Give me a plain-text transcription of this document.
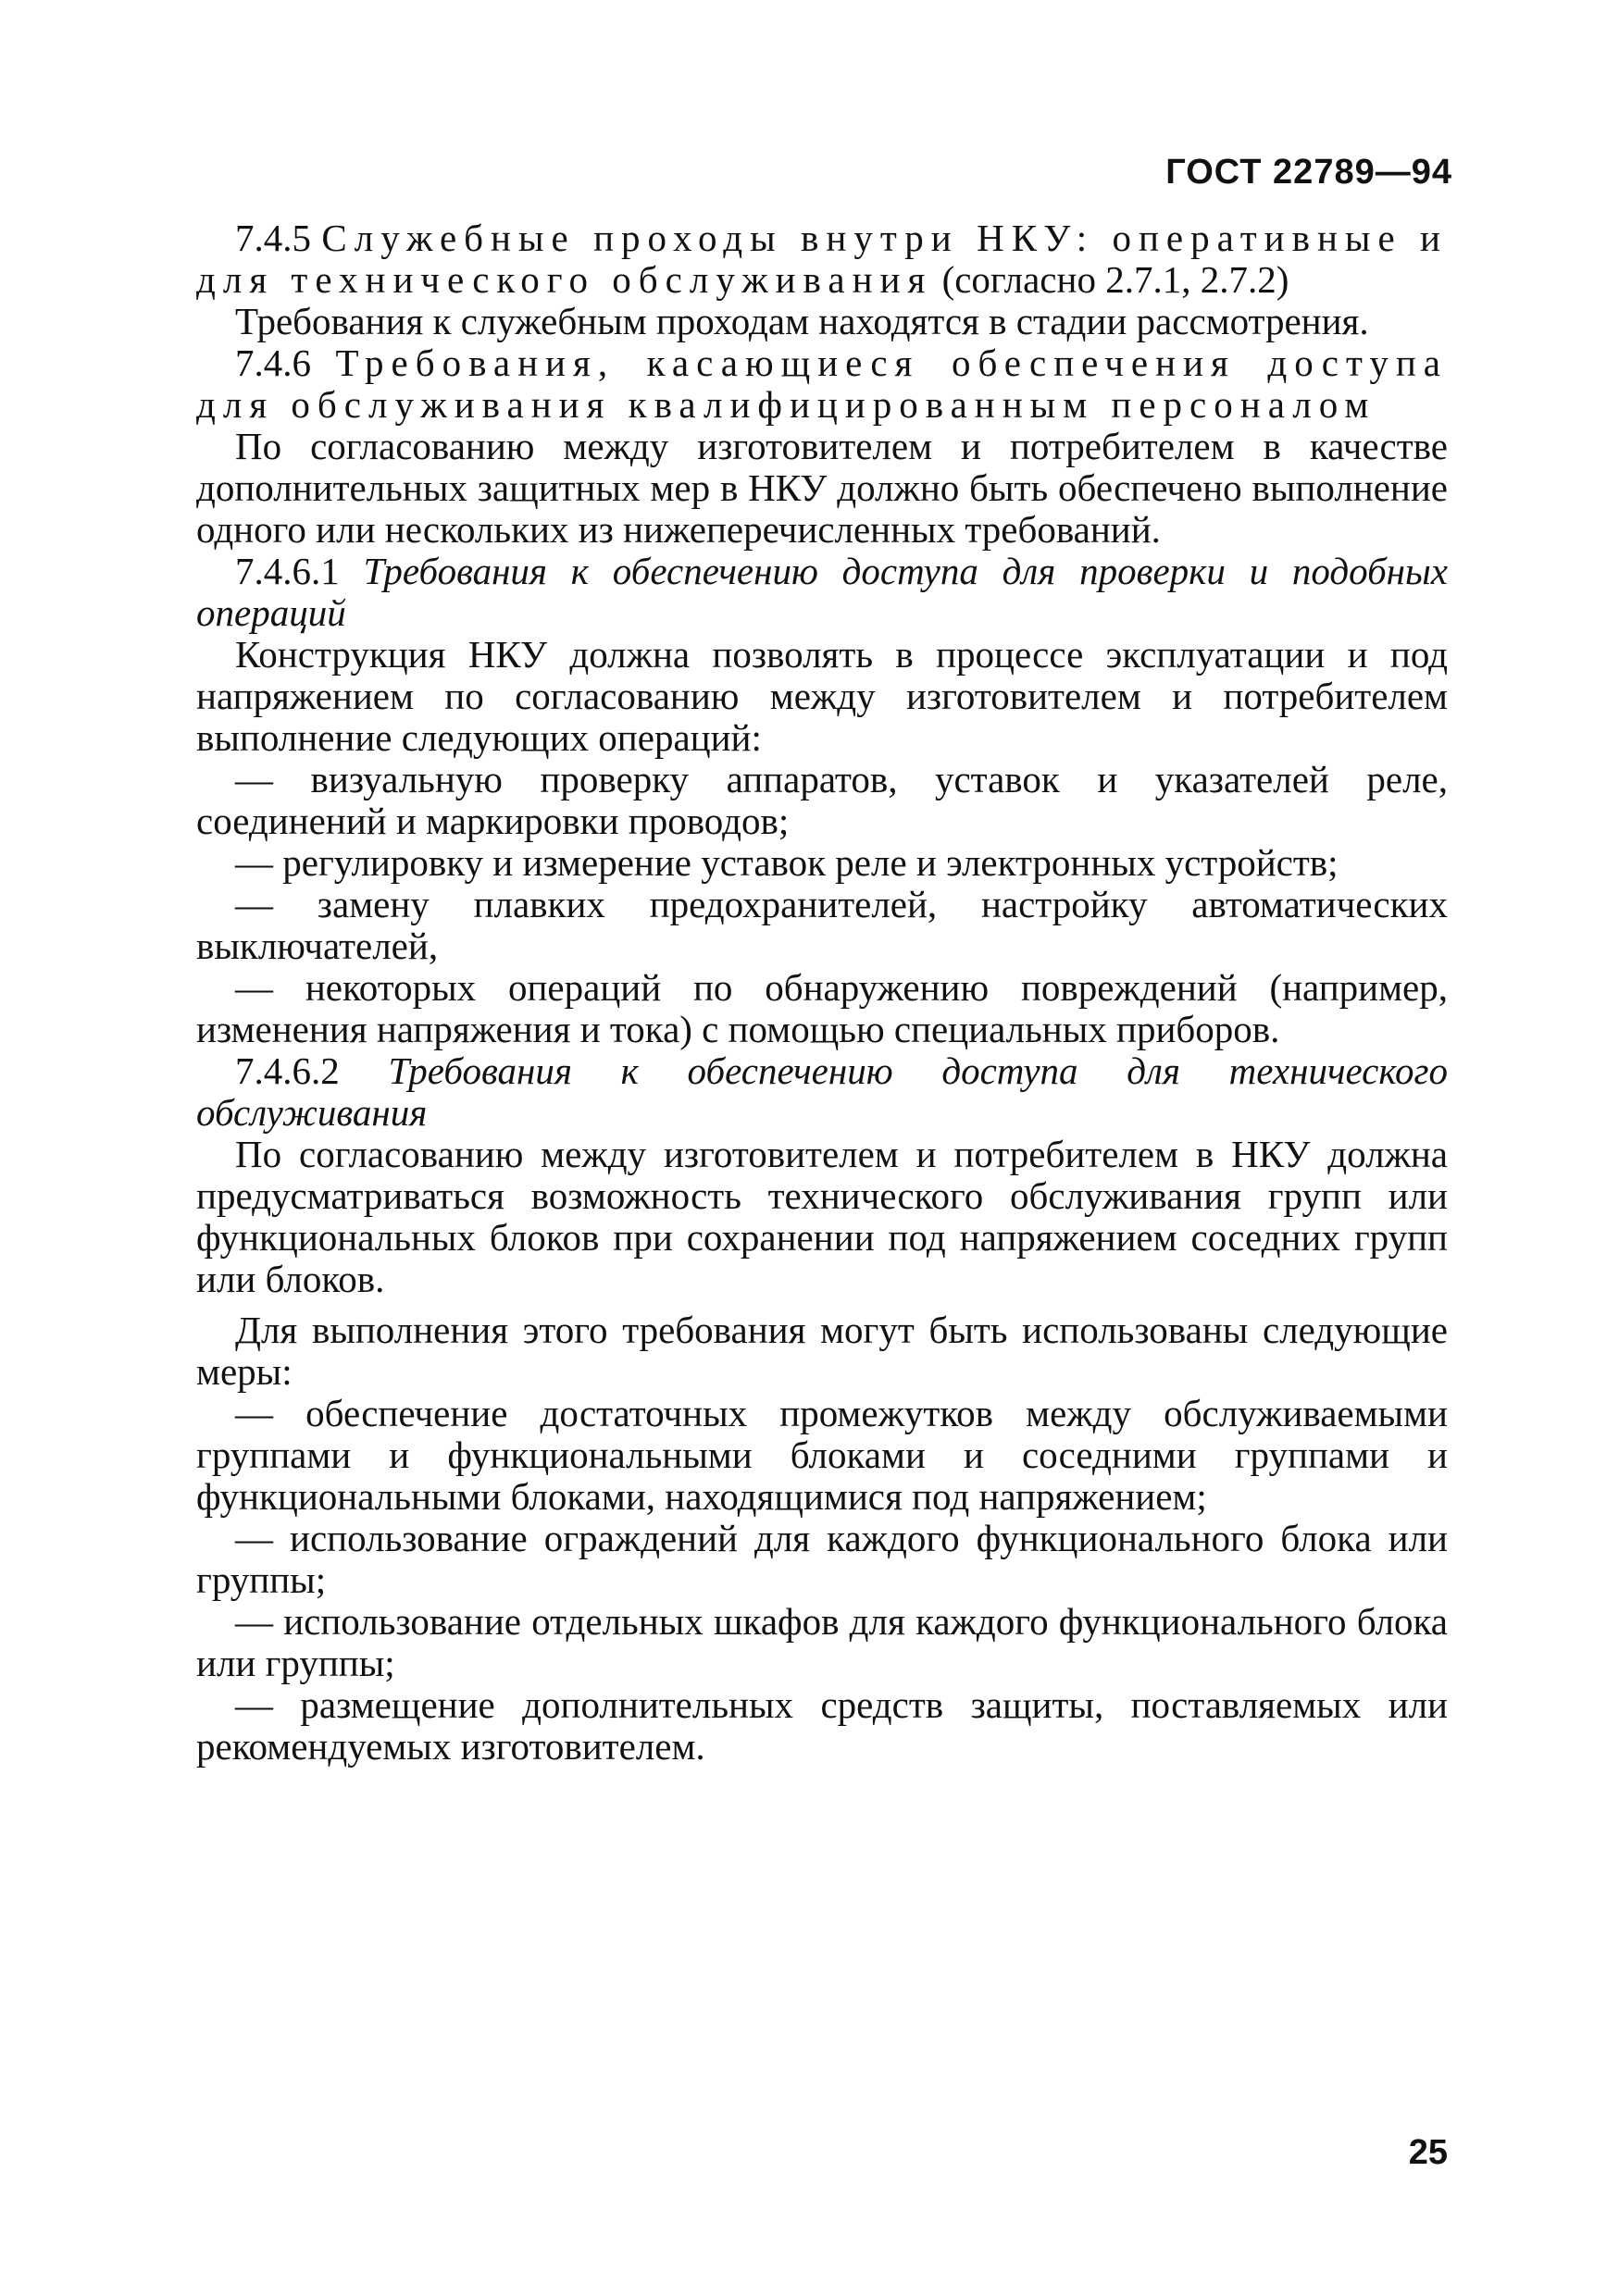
ГОСТ 22789—94

7.4.5 Служебные проходы внутри НКУ: оперативные и для технического обслуживания (согласно 2.7.1, 2.7.2)

Требования к служебным проходам находятся в стадии рассмотрения.

7.4.6 Требования, касающиеся обеспечения доступа для обслуживания квалифицированным персоналом

По согласованию между изготовителем и потребителем в качестве дополнительных защитных мер в НКУ должно быть обеспечено выполнение одного или нескольких из нижеперечисленных требований.

7.4.6.1 Требования к обеспечению доступа для проверки и подобных операций

Конструкция НКУ должна позволять в процессе эксплуатации и под напряжением по согласованию между изготовителем и потребителем выполнение следующих операций:

— визуальную проверку аппаратов, уставок и указателей реле, соединений и маркировки проводов;

— регулировку и измерение уставок реле и электронных устройств;

— замену плавких предохранителей, настройку автоматических выключателей,

— некоторых операций по обнаружению повреждений (например, изменения напряжения и тока) с помощью специальных приборов.

7.4.6.2 Требования к обеспечению доступа для технического обслуживания

По согласованию между изготовителем и потребителем в НКУ должна предусматриваться возможность технического обслуживания групп или функциональных блоков при сохранении под напряжением соседних групп или блоков.

Для выполнения этого требования могут быть использованы следующие меры:

— обеспечение достаточных промежутков между обслуживаемыми группами и функциональными блоками и соседними группами и функциональными блоками, находящимися под напряжением;

— использование ограждений для каждого функционального блока или группы;

— использование отдельных шкафов для каждого функционального блока или группы;

— размещение дополнительных средств защиты, поставляемых или рекомендуемых изготовителем.

25
